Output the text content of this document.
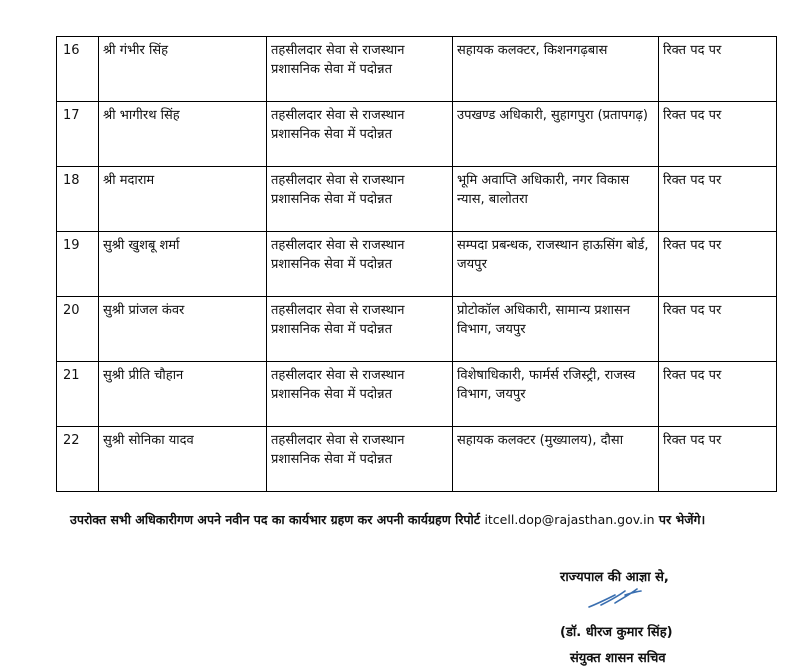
16	श्री गंभीर सिंह	तहसीलदार सेवा से राजस्थान प्रशासनिक सेवा में पदोन्नत	सहायक कलक्टर, किशनगढ़बास	रिक्त पद पर
17	श्री भागीरथ सिंह	तहसीलदार सेवा से राजस्थान प्रशासनिक सेवा में पदोन्नत	उपखण्ड अधिकारी, सुहागपुरा (प्रतापगढ़)	रिक्त पद पर
18	श्री मदाराम	तहसीलदार सेवा से राजस्थान प्रशासनिक सेवा में पदोन्नत	भूमि अवाप्ति अधिकारी, नगर विकास न्यास, बालोतरा	रिक्त पद पर
19	सुश्री खुशबू शर्मा	तहसीलदार सेवा से राजस्थान प्रशासनिक सेवा में पदोन्नत	सम्पदा प्रबन्धक, राजस्थान हाऊसिंग बोर्ड, जयपुर	रिक्त पद पर
20	सुश्री प्रांजल कंवर	तहसीलदार सेवा से राजस्थान प्रशासनिक सेवा में पदोन्नत	प्रोटोकॉल अधिकारी, सामान्य प्रशासन विभाग, जयपुर	रिक्त पद पर
21	सुश्री प्रीति चौहान	तहसीलदार सेवा से राजस्थान प्रशासनिक सेवा में पदोन्नत	विशेषाधिकारी, फार्मर्स रजिस्ट्री, राजस्व विभाग, जयपुर	रिक्त पद पर
22	सुश्री सोनिका यादव	तहसीलदार सेवा से राजस्थान प्रशासनिक सेवा में पदोन्नत	सहायक कलक्टर (मुख्यालय), दौसा	रिक्त पद पर
उपरोक्त सभी अधिकारीगण अपने नवीन पद का कार्यभार ग्रहण कर अपनी कार्यग्रहण रिपोर्ट itcell.dop@rajasthan.gov.in पर भेजेंगे।
राज्यपाल की आज्ञा से,
(डॉ. धीरज कुमार सिंह)
संयुक्त शासन सचिव
